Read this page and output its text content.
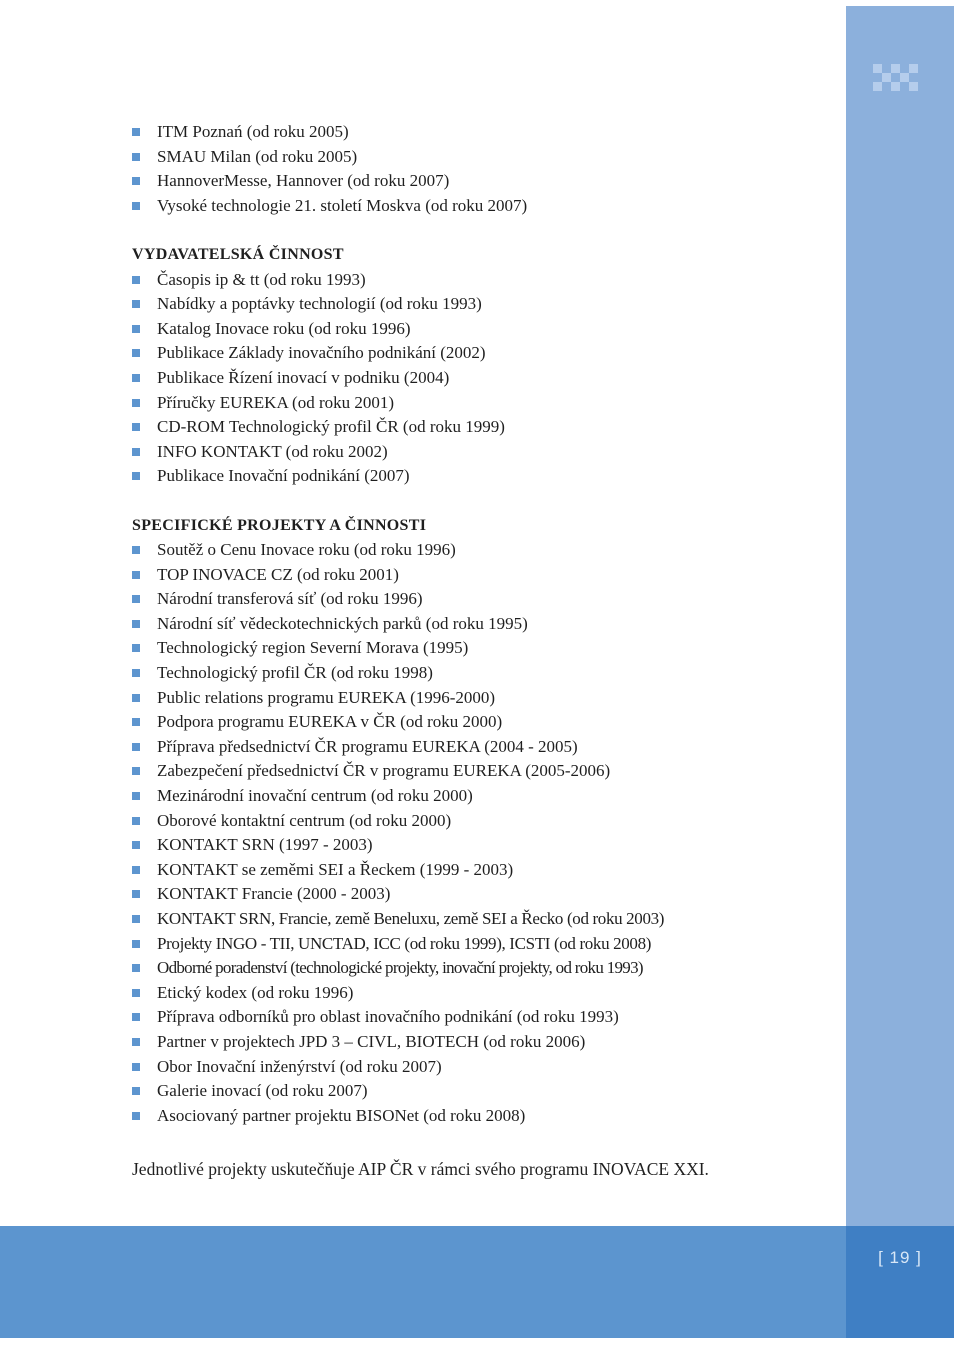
[ 19 ]
ITM Poznań (od roku 2005)
SMAU Milan (od roku 2005)
HannoverMesse, Hannover (od roku 2007)
Vysoké technologie 21. století Moskva (od roku 2007)
VYDAVATELSKÁ ČINNOST
Časopis ip & tt (od roku 1993)
Nabídky a poptávky technologií (od roku 1993)
Katalog Inovace roku (od roku 1996)
Publikace Základy inovačního podnikání (2002)
Publikace Řízení inovací v podniku (2004)
Příručky EUREKA (od roku 2001)
CD-ROM Technologický profil ČR (od roku 1999)
INFO KONTAKT (od roku 2002)
Publikace Inovační podnikání (2007)
SPECIFICKÉ PROJEKTY A ČINNOSTI
Soutěž o Cenu Inovace roku (od roku 1996)
TOP INOVACE CZ (od roku 2001)
Národní transferová síť (od roku 1996)
Národní síť vědeckotechnických parků (od roku 1995)
Technologický region Severní Morava (1995)
Technologický profil ČR (od roku 1998)
Public relations programu EUREKA (1996-2000)
Podpora programu EUREKA v ČR (od roku 2000)
Příprava předsednictví ČR programu EUREKA (2004 - 2005)
Zabezpečení předsednictví ČR v programu EUREKA (2005-2006)
Mezinárodní inovační centrum (od roku 2000)
Oborové kontaktní centrum (od roku 2000)
KONTAKT SRN (1997 - 2003)
KONTAKT se zeměmi SEI a Řeckem (1999 - 2003)
KONTAKT Francie (2000 - 2003)
KONTAKT SRN, Francie, země Beneluxu, země SEI a Řecko (od roku 2003)
Projekty INGO - TII, UNCTAD, ICC (od roku 1999), ICSTI (od roku 2008)
Odborné poradenství (technologické projekty, inovační projekty, od roku 1993)
Etický kodex (od roku 1996)
Příprava odborníků pro oblast inovačního podnikání (od roku 1993)
Partner v projektech JPD 3 – CIVL, BIOTECH (od roku 2006)
Obor Inovační inženýrství (od roku 2007)
Galerie inovací (od roku 2007)
Asociovaný partner projektu BISONet (od roku 2008)

Jednotlivé projekty uskutečňuje AIP ČR v rámci svého programu INOVACE XXI.
